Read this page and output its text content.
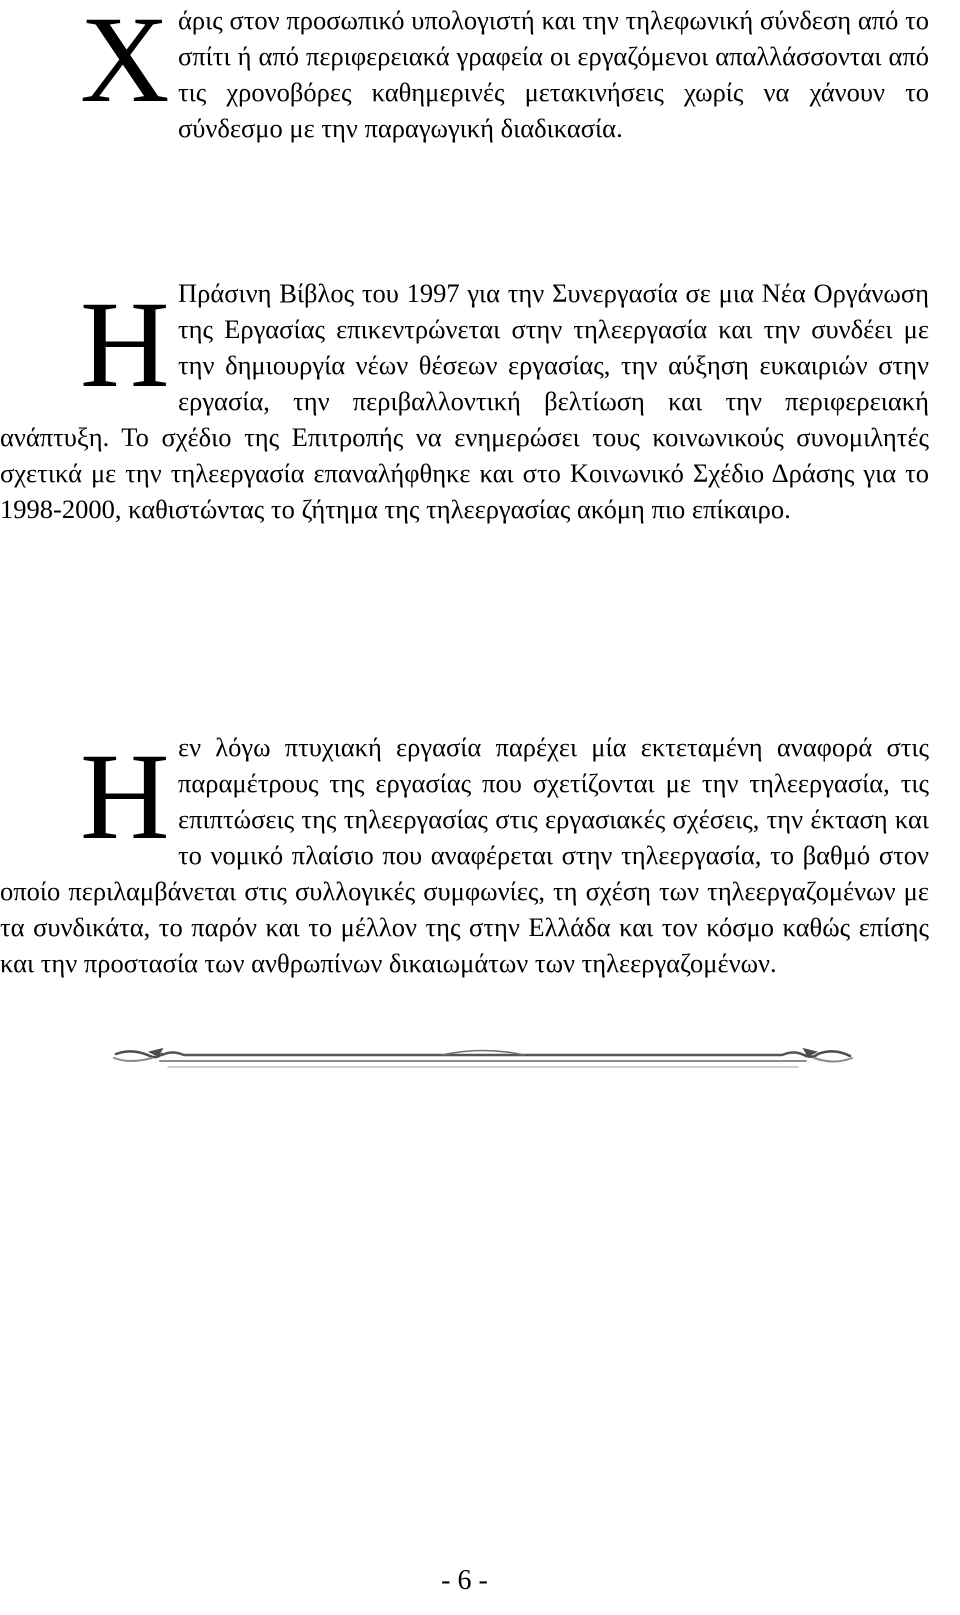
Χάρις στον προσωπικό υπολογιστή και την τηλεφωνική σύνδεση από το σπίτι ή από περιφερειακά γραφεία οι εργαζόμενοι απαλλάσσονται από τις χρονοβόρες καθημερινές μετακινήσεις χωρίς να χάνουν το σύνδεσμο με την παραγωγική διαδικασία.

Η Πράσινη Βίβλος του 1997 για την Συνεργασία σε μια Νέα Οργάνωση της Εργασίας επικεντρώνεται στην τηλεεργασία και την συνδέει με την δημιουργία νέων θέσεων εργασίας, την αύξηση ευκαιριών στην εργασία, την περιβαλλοντική βελτίωση και την περιφερειακή ανάπτυξη. Το σχέδιο της Επιτροπής να ενημερώσει τους κοινωνικούς συνομιλητές σχετικά με την τηλεεργασία επαναλήφθηκε και στο Κοινωνικό Σχέδιο Δράσης για το 1998-2000, καθιστώντας το ζήτημα της τηλεεργασίας ακόμη πιο επίκαιρο.

Ηεν λόγω πτυχιακή εργασία παρέχει μία εκτεταμένη αναφορά στις παραμέτρους της εργασίας που σχετίζονται με την τηλεεργασία, τις επιπτώσεις της τηλεεργασίας στις εργασιακές σχέσεις, την έκταση και το νομικό πλαίσιο που αναφέρεται στην τηλεεργασία, το βαθμό στον οποίο περιλαμβάνεται στις συλλογικές συμφωνίες, τη σχέση των τηλεεργαζομένων με τα συνδικάτα, το παρόν και το μέλλον της στην Ελλάδα και τον κόσμο καθώς επίσης και την προστασία των ανθρωπίνων δικαιωμάτων των τηλεεργαζομένων.

- 6 -
